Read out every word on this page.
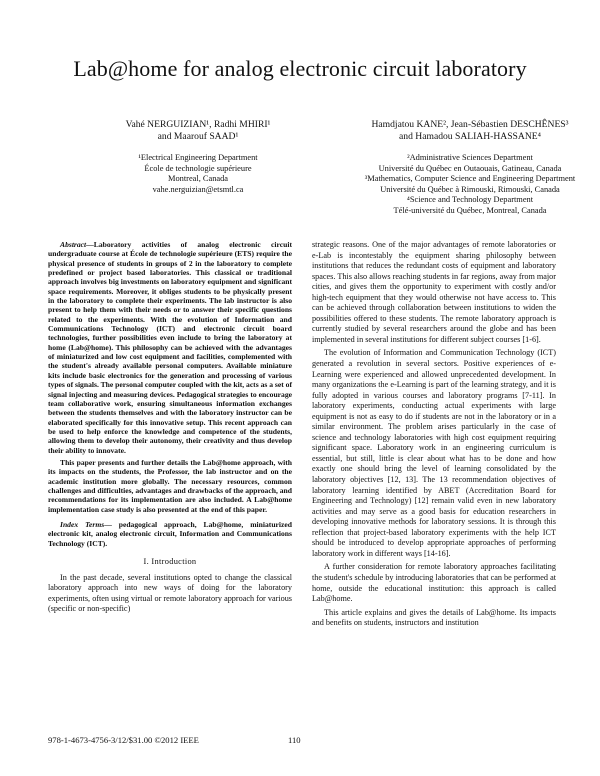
Lab@home for analog electronic circuit laboratory

Vahé NERGUIZIAN¹, Radhi MHIRI¹
and Maarouf SAAD¹

¹Electrical Engineering Department
École de technologie supérieure
Montreal, Canada
vahe.nerguizian@etsmtl.ca

Hamdjatou KANE², Jean-Sébastien DESCHÊNES³
and Hamadou SALIAH-HASSANE⁴

²Administrative Sciences Department
Université du Québec en Outaouais, Gatineau, Canada
³Mathematics, Computer Science and Engineering Department
Université du Québec à Rimouski, Rimouski, Canada
⁴Science and Technology Department
Télé-université du Québec, Montreal, Canada

Abstract—Laboratory activities of analog electronic circuit undergraduate course at École de technologie supérieure (ETS) require the physical presence of students in groups of 2 in the laboratory to complete predefined or project based laboratories. This classical or traditional approach involves big investments on laboratory equipment and significant space requirements. Moreover, it obliges students to be physically present in the laboratory to complete their experiments. The lab instructor is also present to help them with their needs or to answer their specific questions related to the experiments. With the evolution of Information and Communications Technology (ICT) and electronic circuit board technologies, further possibilities even include to bring the laboratory at home (Lab@home). This philosophy can be achieved with the advantages of miniaturized and low cost equipment and facilities, complemented with the student's already available personal computers. Available miniature kits include basic electronics for the generation and processing of various types of signals. The personal computer coupled with the kit, acts as a set of signal injecting and measuring devices. Pedagogical strategies to encourage team collaborative work, ensuring simultaneous information exchanges between the students themselves and with the laboratory instructor can be elaborated specifically for this innovative setup. This recent approach can be used to help enforce the knowledge and competence of the students, allowing them to develop their autonomy, their creativity and thus develop their ability to innovate.

This paper presents and further details the Lab@home approach, with its impacts on the students, the Professor, the lab instructor and on the academic institution more globally. The necessary resources, common challenges and difficulties, advantages and drawbacks of the approach, and recommendations for its implementation are also included. A Lab@home implementation case study is also presented at the end of this paper.

Index Terms— pedagogical approach, Lab@home, miniaturized electronic kit, analog electronic circuit, Information and Communications Technology (ICT).

I. Introduction

In the past decade, several institutions opted to change the classical laboratory approach into new ways of doing for the laboratory experiments, often using virtual or remote laboratory approach for various (specific or non-specific)

strategic reasons. One of the major advantages of remote laboratories or e-Lab is incontestably the equipment sharing philosophy between institutions that reduces the redundant costs of equipment and laboratory spaces. This also allows reaching students in far regions, away from major cities, and gives them the opportunity to experiment with costly and/or high-tech equipment that they would otherwise not have access to. This can be achieved through collaboration between institutions to widen the possibilities offered to these students. The remote laboratory approach is currently studied by several researchers around the globe and has been implemented in several institutions for different subject courses [1-6].

The evolution of Information and Communication Technology (ICT) generated a revolution in several sectors. Positive experiences of e-Learning were experienced and allowed unprecedented development. In many organizations the e-Learning is part of the learning strategy, and it is fully adopted in various courses and laboratory programs [7-11]. In laboratory experiments, conducting actual experiments with large equipment is not as easy to do if students are not in the laboratory or in a similar environment. The problem arises particularly in the case of science and technology laboratories with high cost equipment requiring significant space. Laboratory work in an engineering curriculum is essential, but still, little is clear about what has to be done and how exactly one should bring the level of learning consolidated by the laboratory objectives [12, 13]. The 13 recommendation objectives of laboratory learning identified by ABET (Accreditation Board for Engineering and Technology) [12] remain valid even in new laboratory activities and may serve as a good basis for education researchers in developing innovative methods for laboratory sessions. It is through this reflection that project-based laboratory experiments with the help ICT should be introduced to develop appropriate approaches of performing laboratory work in different ways [14-16].

A further consideration for remote laboratory approaches facilitating the student's schedule by introducing laboratories that can be performed at home, outside the educational institution: this approach is called Lab@home.

This article explains and gives the details of Lab@home. Its impacts and benefits on students, instructors and institution

978-1-4673-4756-3/12/$31.00 ©2012 IEEE	110
